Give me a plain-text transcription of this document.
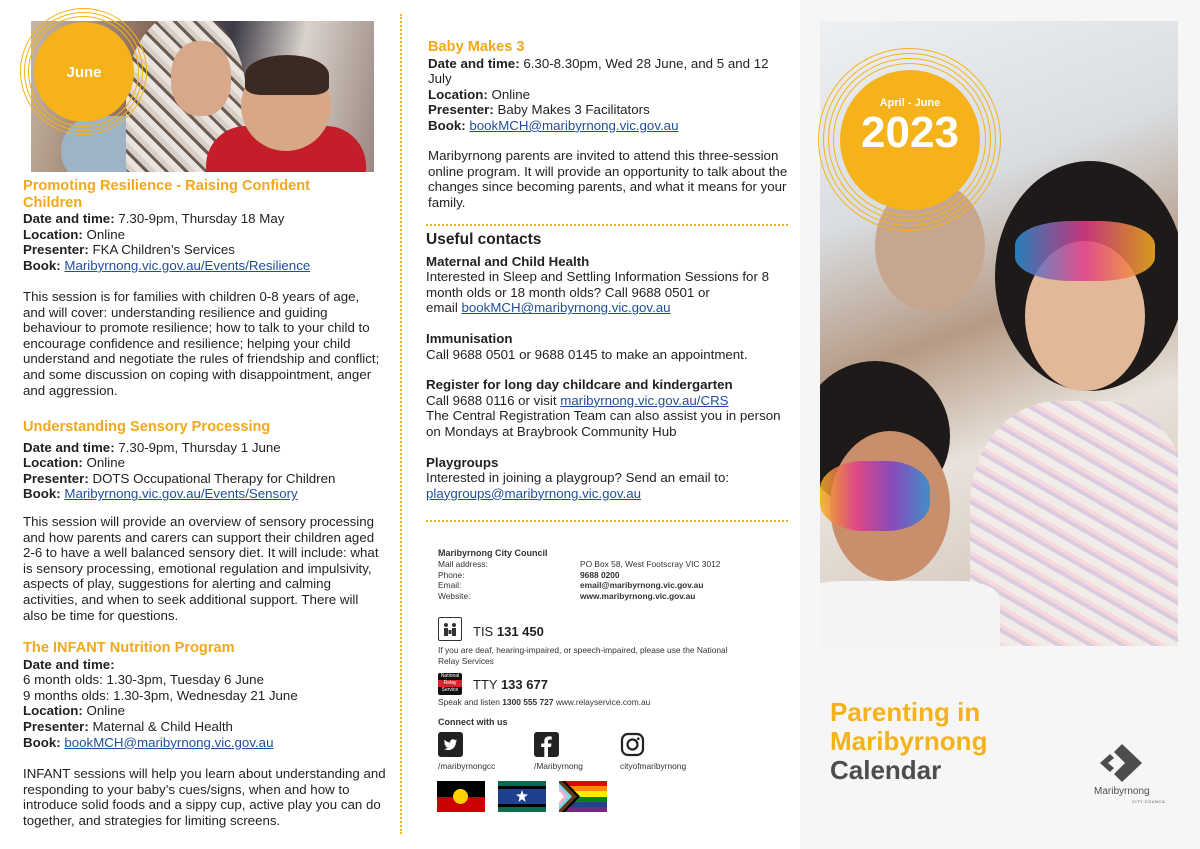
June
Promoting Resilience - Raising Confident Children
Date and time: 7.30-9pm, Thursday 18 May
Location: Online
Presenter: FKA Children’s Services
Book: Maribyrnong.vic.gov.au/Events/Resilience

This session is for families with children 0-8 years of age, and will cover: understanding resilience and guiding behaviour to promote resilience; how to talk to your child to encourage confidence and resilience; helping your child understand and negotiate the rules of friendship and conflict; and some discussion on coping with disappointment, anger and aggression.

Understanding Sensory Processing
Date and time: 7.30-9pm, Thursday 1 June
Location: Online
Presenter: DOTS Occupational Therapy for Children
Book: Maribyrnong.vic.gov.au/Events/Sensory

This session will provide an overview of sensory processing and how parents and carers can support their children aged 2-6 to have a well balanced sensory diet. It will include: what is sensory processing, emotional regulation and impulsivity, aspects of play, suggestions for alerting and calming activities, and when to seek additional support. There will also be time for questions.

The INFANT Nutrition Program
Date and time:
6 month olds: 1.30-3pm, Tuesday 6 June
9 months olds: 1.30-3pm, Wednesday 21 June
Location: Online
Presenter: Maternal & Child Health
Book: bookMCH@maribyrnong.vic.gov.au

INFANT sessions will help you learn about understanding and responding to your baby’s cues/signs, when and how to introduce solid foods and a sippy cup, active play you can do together, and strategies for limiting screens.

Baby Makes 3
Date and time: 6.30-8.30pm, Wed 28 June, and 5 and 12 July
Location: Online
Presenter: Baby Makes 3 Facilitators
Book: bookMCH@maribyrnong.vic.gov.au

Maribyrnong parents are invited to attend this three-session online program. It will provide an opportunity to talk about the changes since becoming parents, and what it means for your family.

Useful contacts
Maternal and Child Health
Interested in Sleep and Settling Information Sessions for 8 month olds or 18 month olds? Call 9688 0501 or
email bookMCH@maribyrnong.vic.gov.au
Immunisation
Call 9688 0501 or 9688 0145 to make an appointment.
Register for long day childcare and kindergarten
Call 9688 0116 or visit maribyrnong.vic.gov.au/CRS
The Central Registration Team can also assist you in person on Mondays at Braybrook Community Hub
Playgroups
Interested in joining a playgroup? Send an email to:
playgroups@maribyrnong.vic.gov.au
Maribyrnong City Council
Mail address:
Phone:
Email:
Website:
PO Box 58, West Footscray VIC 3012
9688 0200
email@maribyrnong.vic.gov.au
www.maribyrnong.vic.gov.au
TIS 131 450
If you are deaf, hearing-impaired, or speech-impaired, please use the National Relay Services
National
Relay
Service TTY 133 677
Speak and listen 1300 555 727 www.relayservice.com.au
Connect with us
/maribyrnongcc	/Maribyrnong	cityofmaribyrnong
April - June
2023
Parenting in
Maribyrnong
Calendar
Maribyrnong
CITY COUNCIL
